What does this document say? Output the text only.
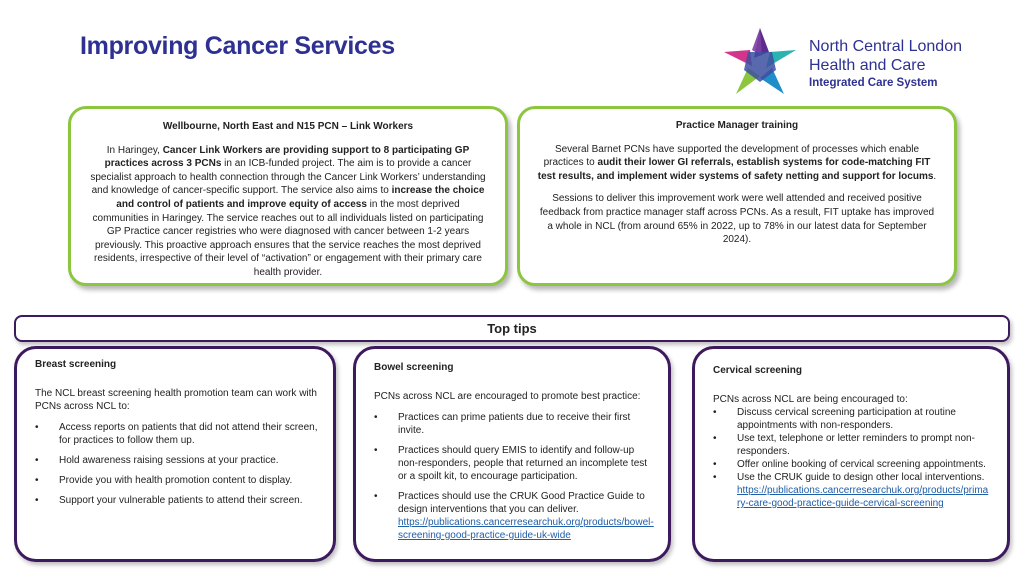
Improving Cancer Services	North Central London
Health and Care
Integrated Care System
Wellbourne, North East and N15 PCN – Link Workers

In Haringey, Cancer Link Workers are providing support to 8 participating GP practices across 3 PCNs in an ICB-funded project. The aim is to provide a cancer specialist approach to health connection through the Cancer Link Workers’ understanding and knowledge of cancer-specific support. The service also aims to increase the choice and control of patients and improve equity of access in the most deprived communities in Haringey. The service reaches out to all individuals listed on participating GP Practice cancer registries who were diagnosed with cancer between 1-2 years previously. This proactive approach ensures that the service reaches the most deprived residents, irrespective of their level of “activation” or engagement with their primary care health provider.

Practice Manager training

Several Barnet PCNs have supported the development of processes which enable practices to audit their lower GI referrals, establish systems for code-matching FIT test results, and implement wider systems of safety netting and support for locums.

Sessions to deliver this improvement work were well attended and received positive feedback from practice manager staff across PCNs. As a result, FIT uptake has improved a whole in NCL (from around 65% in 2022, up to 78% in our latest data for September 2024).

Top tips
Breast screening

The NCL breast screening health promotion team can work with PCNs across NCL to:

• Access reports on patients that did not attend their screen, for practices to follow them up.
• Hold awareness raising sessions at your practice.
• Provide you with health promotion content to display.
• Support your vulnerable patients to attend their screen.
Bowel screening

PCNs across NCL are encouraged to promote best practice:

• Practices can prime patients due to receive their first invite.
• Practices should query EMIS to identify and follow-up non-responders, people that returned an incomplete test or a spoilt kit, to encourage participation.
• Practices should use the CRUK Good Practice Guide to design interventions that you can deliver.
https://publications.cancerresearchuk.org/products/bowel-screening-good-practice-guide-uk-wide
Cervical screening

PCNs across NCL are being encouraged to:

• Discuss cervical screening participation at routine appointments with non-responders.
• Use text, telephone or letter reminders to prompt non-responders.
• Offer online booking of cervical screening appointments.
• Use the CRUK guide to design other local interventions.
https://publications.cancerresearchuk.org/products/primary-care-good-practice-guide-cervical-screening
